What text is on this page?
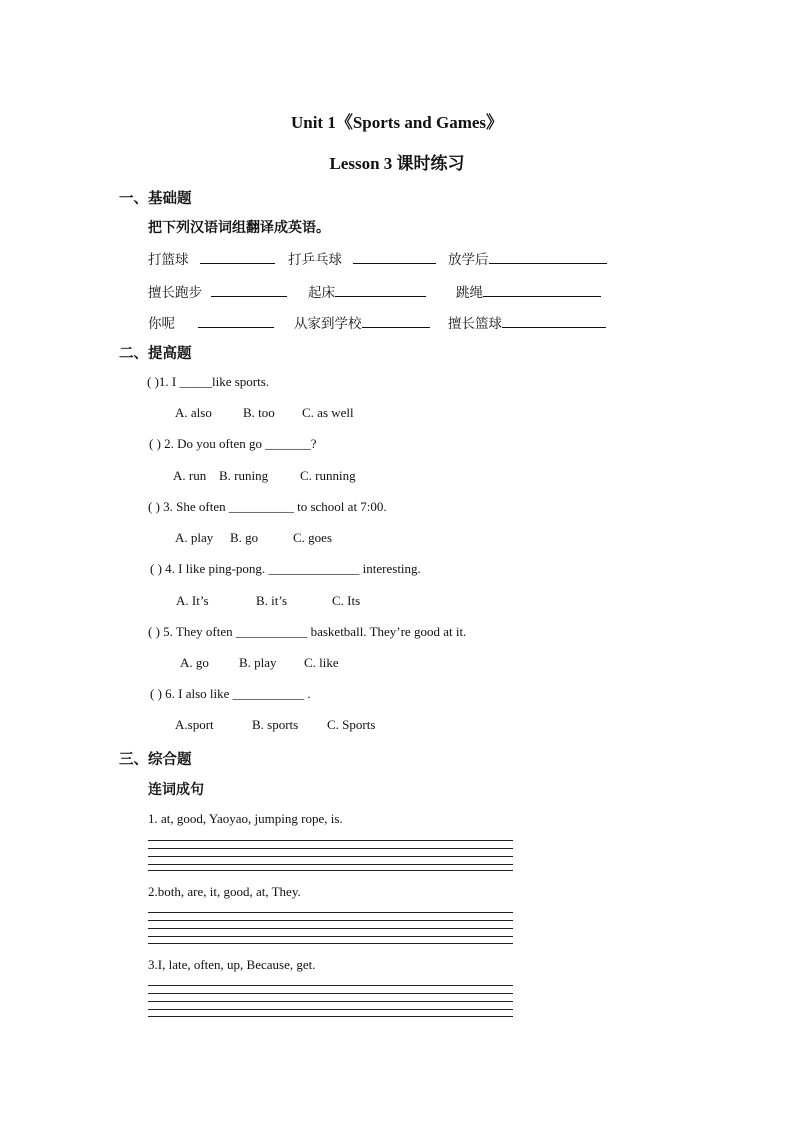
Unit 1《Sports and Games》
Lesson 3 课时练习
一、基础题
把下列汉语词组翻译成英语。
打篮球	打乒乓球	放学后
擅长跑步	起床	跳绳
你呢	从家到学校	擅长篮球
二、提高题
( )1. I _____like sports.
A. also B. too C. as well
( ) 2. Do you often go _______?
A. run B. runing C. running
( ) 3. She often __________ to school at 7:00.
A. play B. go	C. goes
( ) 4. I like ping-pong. ______________ interesting.
A. It’s	B. it’s	C. Its
( ) 5. They often ___________ basketball. They’re good at it.
A. go B. play C. like
( ) 6. I also like ___________ .
A.sport	B. sports C. Sports
三、综合题
连词成句
1. at, good, Yaoyao, jumping rope, is.
2.both, are, it, good, at, They.
3.I, late, often, up, Because, get.
